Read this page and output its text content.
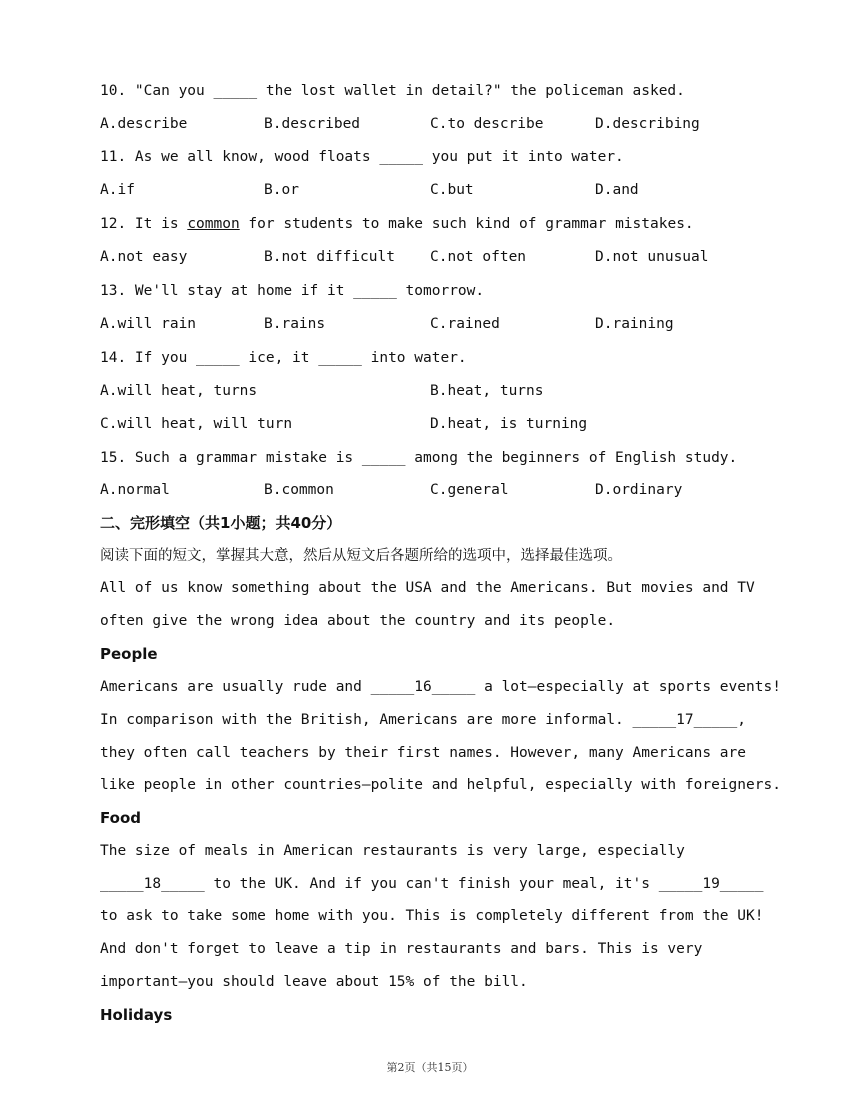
10. "Can you _____ the lost wallet in detail?" the policeman asked.
A.describe	B.described	C.to describe	D.describing
11. As we all know, wood floats _____ you put it into water.
A.if	B.or	C.but	D.and
12. It is common for students to make such kind of grammar mistakes.
A.not easy	B.not difficult C.not often	D.not unusual
13. We'll stay at home if it _____ tomorrow.
A.will rain	B.rains	C.rained	D.raining
14. If you _____ ice, it _____ into water.
A.will heat, turns	B.heat, turns
C.will heat, will turn	D.heat, is turning
15. Such a grammar mistake is _____ among the beginners of English study.
A.normal	B.common	C.general	D.ordinary
二、完形填空（共1小题；共40分）
阅读下面的短文，掌握其大意，然后从短文后各题所给的选项中，选择最佳选项。
All of us know something about the USA and the Americans. But movies and TV
often give the wrong idea about the country and its people.
People
Americans are usually rude and _____16_____ a lot—especially at sports events!
In comparison with the British, Americans are more informal. _____17_____,
they often call teachers by their first names. However, many Americans are
like people in other countries—polite and helpful, especially with foreigners.
Food
The size of meals in American restaurants is very large, especially
_____18_____ to the UK. And if you can't finish your meal, it's _____19_____
to ask to take some home with you. This is completely different from the UK!
And don't forget to leave a tip in restaurants and bars. This is very
important—you should leave about 15% of the bill.
Holidays
第2页（共15页）
